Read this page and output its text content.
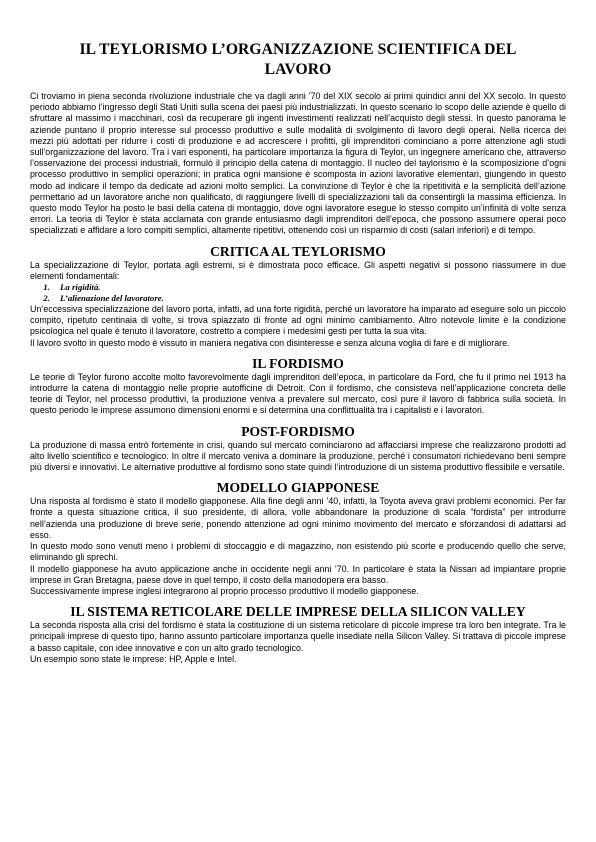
IL TEYLORISMO L’ORGANIZZAZIONE SCIENTIFICA DEL LAVORO

Ci troviamo in piena seconda rivoluzione industriale che va dagli anni ’70 del XIX secolo ai primi quindici anni del XX secolo. In questo periodo abbiamo l’ingresso degli Stati Uniti sulla scena dei paesi più industrializzati. In questo scenario lo scopo delle aziende è quello di sfruttare al massimo i macchinari, così da recuperare gli ingenti investimenti realizzati nell’acquisto degli stessi. In questo panorama le aziende puntano il proprio interesse sul processo produttivo e sulle modalità di svolgimento di lavoro degli operai. Nella ricerca dei mezzi più adottati per ridurre i costi di produzione e ad accrescere i profitti, gli imprenditori cominciano a porre attenzione agli studi sull’organizzazione del lavoro. Tra i vari esponenti, ha particolare importanza la figura di Teylor, un ingegnere americano che, attraverso l’osservazione dei processi industriali, formulò il principio della catena di montaggio. Il nucleo del taylorismo è la scomposizione d’ogni processo produttivo in semplici operazioni; in pratica ogni mansione è scomposta in azioni lavorative elementari, giungendo in questo modo ad indicare il tempo da dedicate ad azioni molto semplici. La convinzione di Teylor è che la ripetitività e la semplicità dell’azione permettano ad un lavoratore anche non qualificato, di raggiungere livelli di specializzazioni tali da consentirgli la massima efficienza. In questo modo Teylor ha posto le basi della catena di montaggio, dove ogni lavoratore esegue lo stesso compito un’infinità di volte senza errori. La teoria di Teylor è stata acclamata con grande entusiasmo dagli imprenditori dell’epoca, che possono assumere operai poco specializzati e affidare a loro compiti semplici, altamente ripetitivi, ottenendo così un risparmio di costi (salari inferiori) e di tempo.

CRITICA AL TEYLORISMO

La specializzazione di Teylor, portata agli estremi, si è dimostrata poco efficace. Gli aspetti negativi si possono riassumere in due elementi fondamentali:

1. La rigidità.
2. L’alienazione del lavoratore.

Un’eccessiva specializzazione del lavoro porta, infatti, ad una forte rigidità, perché un lavoratore ha imparato ad eseguire solo un piccolo compito, ripetuto centinaia di volte, si trova spiazzato di fronte ad ogni minimo cambiamento. Altro notevole limite è la condizione psicologica nel quale è tenuto il lavoratore, costretto a compiere i medesimi gesti per tutta la sua vita.

Il lavoro svolto in questo modo è vissuto in maniera negativa con disinteresse e senza alcuna voglia di fare e di migliorare.

IL FORDISMO

Le teorie di Teylor furono accolte molto favorevolmente dagli imprenditori dell’epoca, in particolare da Ford, che fu il primo nel 1913 ha introdurre la catena di montaggio nelle proprie autofficine di Detroit. Con il fordismo, che consisteva nell’applicazione concreta delle teorie di Teylor, nel processo produttivi, la produzione veniva a prevalere sul mercato, così pure il lavoro di fabbrica sulla società. In questo periodo le imprese assumono dimensioni enormi e si determina una conflittualità tra i capitalisti e i lavoratori.

POST-FORDISMO

La produzione di massa entrò fortemente in crisi, quando sul mercato cominciarono ad affacciarsi imprese che realizzarono prodotti ad alto livello scientifico e tecnologico. In oltre il mercato veniva a dominare la produzione, perché i consumatori richiedevano beni sempre più diversi e innovativi. Le alternative produttive al fordismo sono state quindi l’introduzione di un sistema produttivo flessibile e versatile.

MODELLO GIAPPONESE

Una risposta al fordismo è stato il modello giapponese. Alla fine degli anni ’40, infatti, la Toyota aveva gravi problemi economici. Per far fronte a questa situazione critica, il suo presidente, di allora, volle abbandonare la produzione di scala “fordista” per introdurre nell’azienda una produzione di breve serie, ponendo attenzione ad ogni minimo movimento del mercato e sforzandosi di adattarsi ad esso.

In questo modo sono venuti meno i problemi di stoccaggio e di magazzino, non esistendo più scorte e producendo quello che serve, eliminando gli sprechi.

Il modello giapponese ha avuto applicazione anche in occidente negli anni ’70. In particolare è stata la Nissan ad impiantare proprie imprese in Gran Bretagna, paese dove in quel tempo, il costo della manodopera era basso.

Successivamente imprese inglesi integrarono al proprio processo produttivo il modello giapponese.

IL SISTEMA RETICOLARE DELLE IMPRESE DELLA SILICON VALLEY

La seconda risposta alla crisi del fordismo è stata la costituzione di un sistema reticolare di piccole imprese tra loro ben integrate. Tra le principali imprese di questo tipo, hanno assunto particolare importanza quelle insediate nella Silicon Valley. Si trattava di piccole imprese a basso capitale, con idee innovative e con un alto grado tecnologico.

Un esempio sono state le imprese: HP, Apple e Intel.
